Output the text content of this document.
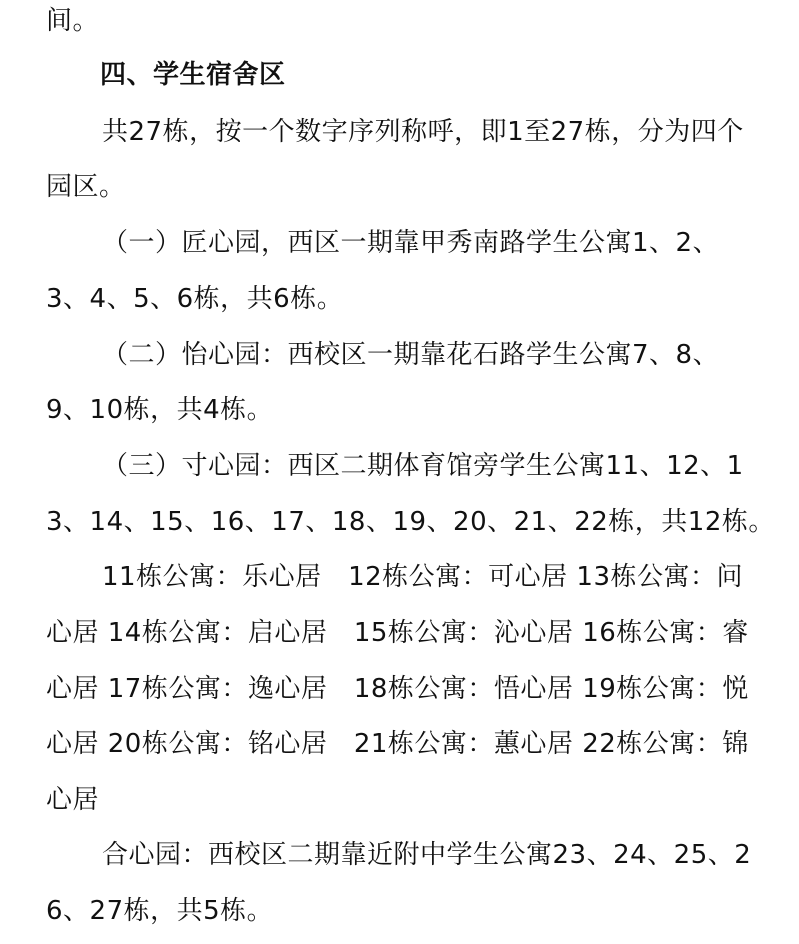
间。
四、学生宿舍区
共27栋，按一个数字序列称呼，即1至27栋，分为四个
园区。
（一）匠心园，西区一期靠甲秀南路学生公寓1、2、
3、4、5、6栋，共6栋。
（二）怡心园：西校区一期靠花石路学生公寓7、8、
9、10栋，共4栋。
（三）寸心园：西区二期体育馆旁学生公寓11、12、1
3、14、15、16、17、18、19、20、21、22栋，共12栋。
11栋公寓：乐心居　12栋公寓：可心居 13栋公寓：问
心居 14栋公寓：启心居　15栋公寓：沁心居 16栋公寓：睿
心居 17栋公寓：逸心居　18栋公寓：悟心居 19栋公寓：悦
心居 20栋公寓：铭心居　21栋公寓：蕙心居 22栋公寓：锦
心居
合心园：西校区二期靠近附中学生公寓23、24、25、2
6、27栋，共5栋。
